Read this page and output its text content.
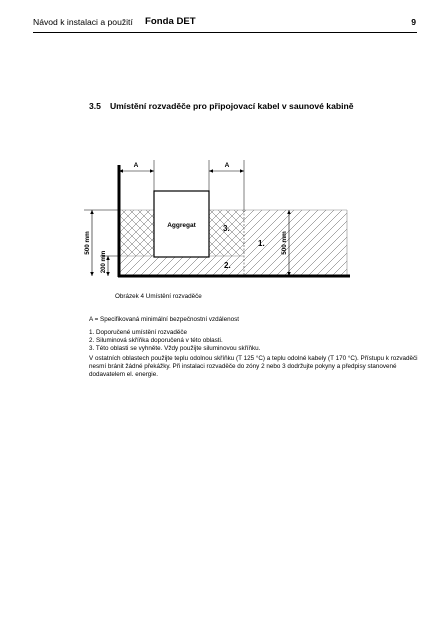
Návod k instalaci a použití Fonda DET	9
3.5 Umístění rozvaděče pro připojovací kabel v saunové kabině
Aggregat
A	A
500 mm
200 mm
500 mm
3.
1.
2.
Obrázek 4 Umístění rozvaděče

A = Specifikovaná minimální bezpečnostní vzdálenost

1. Doporučené umístění rozvaděče

2. Siluminová skříňka doporučená v této oblasti.

3. Této oblasti se vyhněte. Vždy použijte siluminovou skříňku.

V ostatních oblastech použijte teplu odolnou skříňku (T 125 °C) a teplu odolné kabely (T 170 °C). Přístupu k rozvaděči nesmí bránit žádné překážky. Při instalaci rozvaděče do zóny 2 nebo 3 dodržujte pokyny a předpisy stanovené dodavatelem el. energie.
